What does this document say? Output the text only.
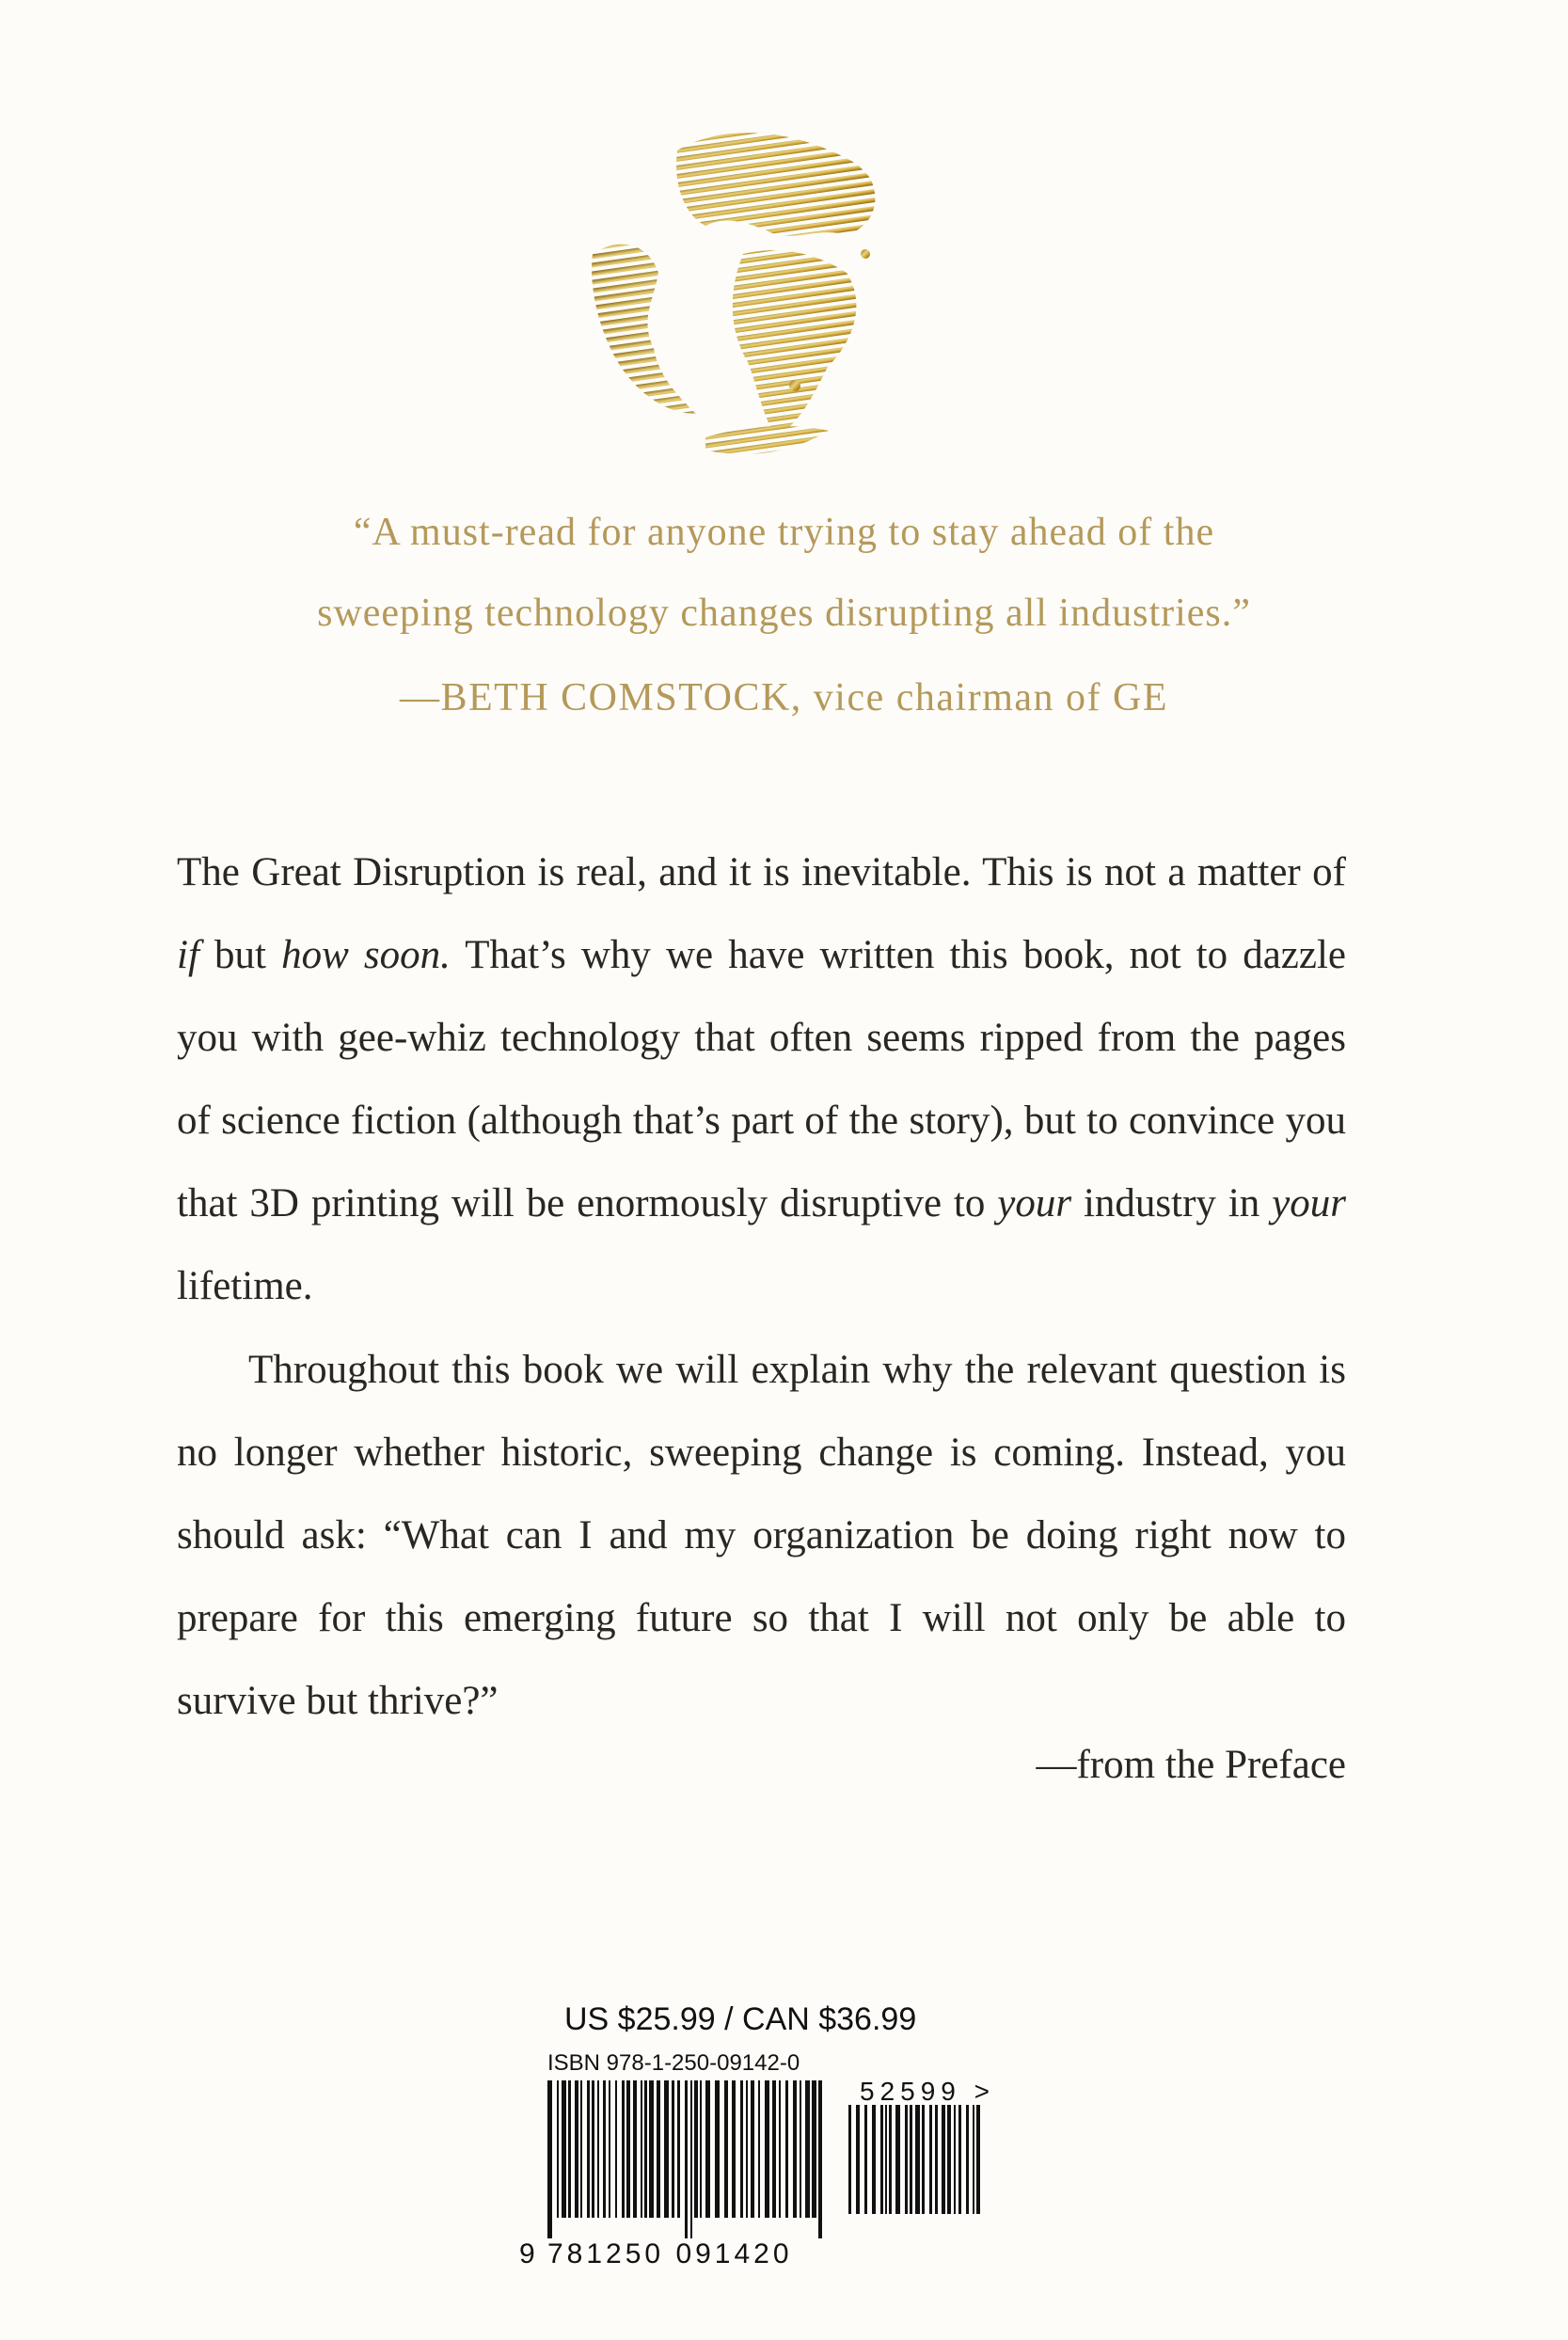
“A must-read for anyone trying to stay ahead of the
sweeping technology changes disrupting all industries.”
—BETH COMSTOCK, vice chairman of GE
The Great Disruption is real, and it is inevitable. This is not a matter of if but how soon. That’s why we have written this book, not to dazzle you with gee-whiz technology that often seems ripped from the pages of science fiction (although that’s part of the story), but to convince you that 3D printing will be enormously disruptive to your industry in your lifetime.
Throughout this book we will explain why the relevant question is no longer whether historic, sweeping change is coming. Instead, you should ask: “What can I and my organization be doing right now to prepare for this emerging future so that I will not only be able to survive but thrive?”
—from the Preface
US $25.99 / CAN $36.99
ISBN 978-1-250-09142-0
9 781250 091420
52599 >
